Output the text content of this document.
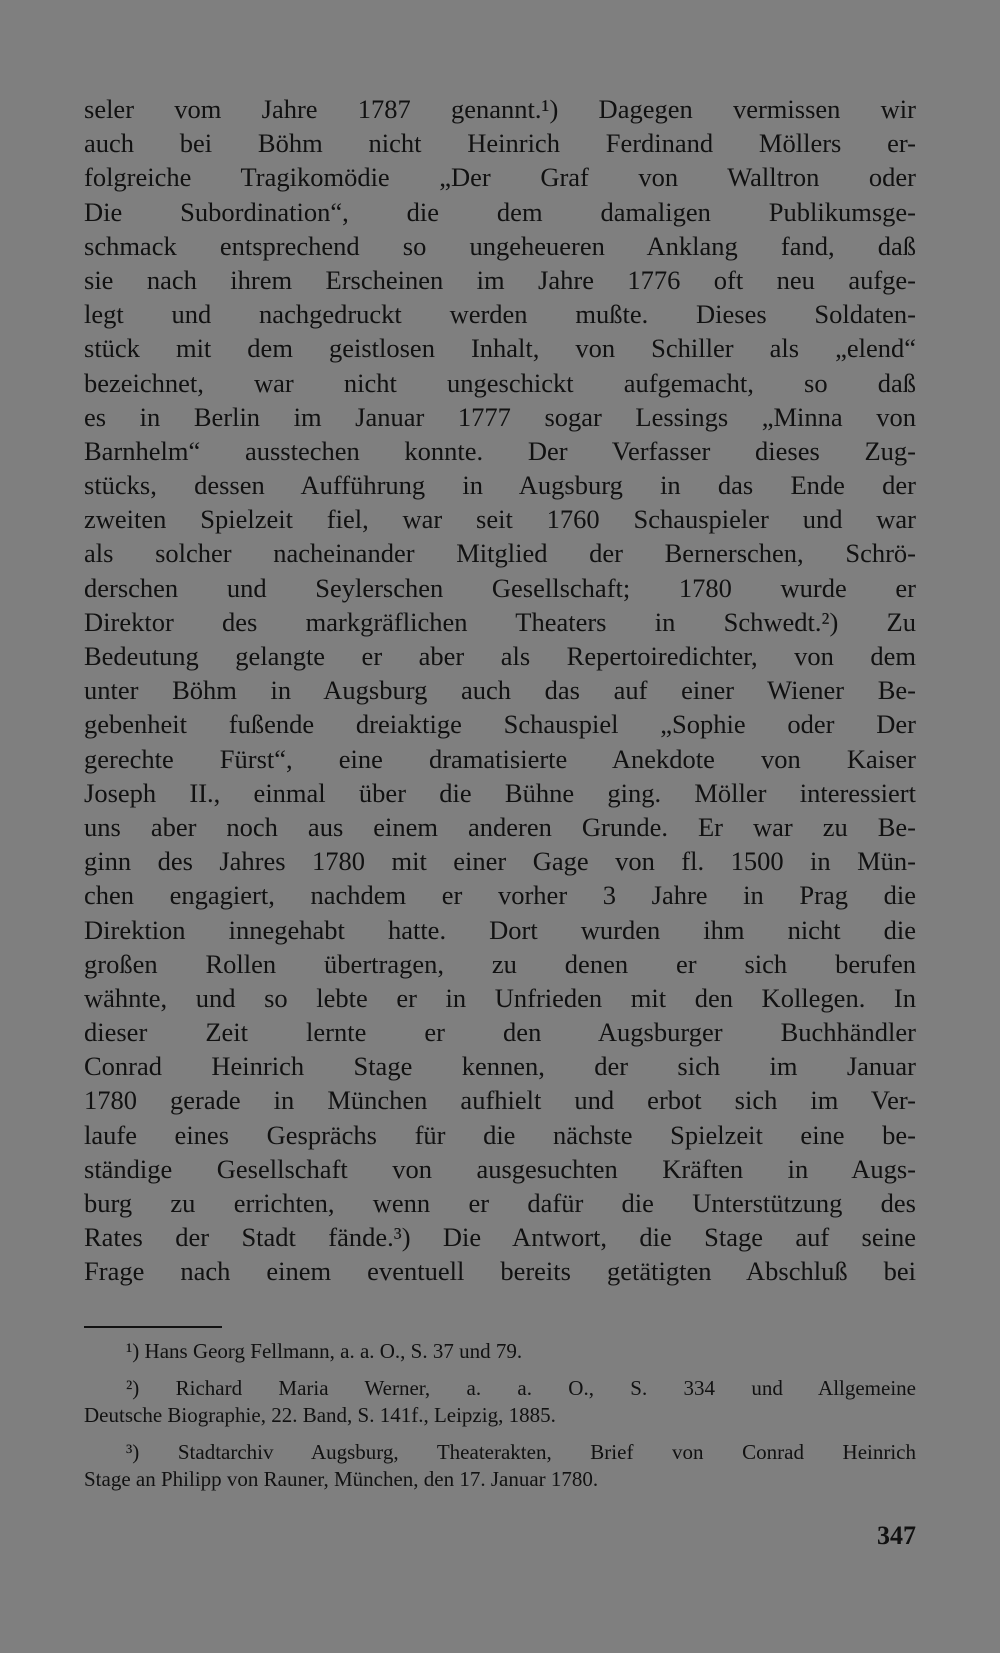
seler vom Jahre 1787 genannt.¹) Dagegen vermissen wir
auch bei Böhm nicht Heinrich Ferdinand Möllers er-
folgreiche Tragikomödie „Der Graf von Walltron oder
Die Subordination“, die dem damaligen Publikumsge-
schmack entsprechend so ungeheueren Anklang fand, daß
sie nach ihrem Erscheinen im Jahre 1776 oft neu aufge-
legt und nachgedruckt werden mußte. Dieses Soldaten-
stück mit dem geistlosen Inhalt, von Schiller als „elend“
bezeichnet, war nicht ungeschickt aufgemacht, so daß
es in Berlin im Januar 1777 sogar Lessings „Minna von
Barnhelm“ ausstechen konnte. Der Verfasser dieses Zug-
stücks, dessen Aufführung in Augsburg in das Ende der
zweiten Spielzeit fiel, war seit 1760 Schauspieler und war
als solcher nacheinander Mitglied der Bernerschen, Schrö-
derschen und Seylerschen Gesellschaft; 1780 wurde er
Direktor des markgräflichen Theaters in Schwedt.²) Zu
Bedeutung gelangte er aber als Repertoiredichter, von dem
unter Böhm in Augsburg auch das auf einer Wiener Be-
gebenheit fußende dreiaktige Schauspiel „Sophie oder Der
gerechte Fürst“, eine dramatisierte Anekdote von Kaiser
Joseph II., einmal über die Bühne ging. Möller interessiert
uns aber noch aus einem anderen Grunde. Er war zu Be-
ginn des Jahres 1780 mit einer Gage von fl. 1500 in Mün-
chen engagiert, nachdem er vorher 3 Jahre in Prag die
Direktion innegehabt hatte. Dort wurden ihm nicht die
großen Rollen übertragen, zu denen er sich berufen
wähnte, und so lebte er in Unfrieden mit den Kollegen. In
dieser Zeit lernte er den Augsburger Buchhändler
Conrad Heinrich Stage kennen, der sich im Januar
1780 gerade in München aufhielt und erbot sich im Ver-
laufe eines Gesprächs für die nächste Spielzeit eine be-
ständige Gesellschaft von ausgesuchten Kräften in Augs-
burg zu errichten, wenn er dafür die Unterstützung des
Rates der Stadt fände.³) Die Antwort, die Stage auf seine
Frage nach einem eventuell bereits getätigten Abschluß bei
¹) Hans Georg Fellmann, a. a. O., S. 37 und 79.
²) Richard Maria Werner, a. a. O., S. 334 und Allgemeine
Deutsche Biographie, 22. Band, S. 141f., Leipzig, 1885.
³) Stadtarchiv Augsburg, Theaterakten, Brief von Conrad Heinrich
Stage an Philipp von Rauner, München, den 17. Januar 1780.
347
